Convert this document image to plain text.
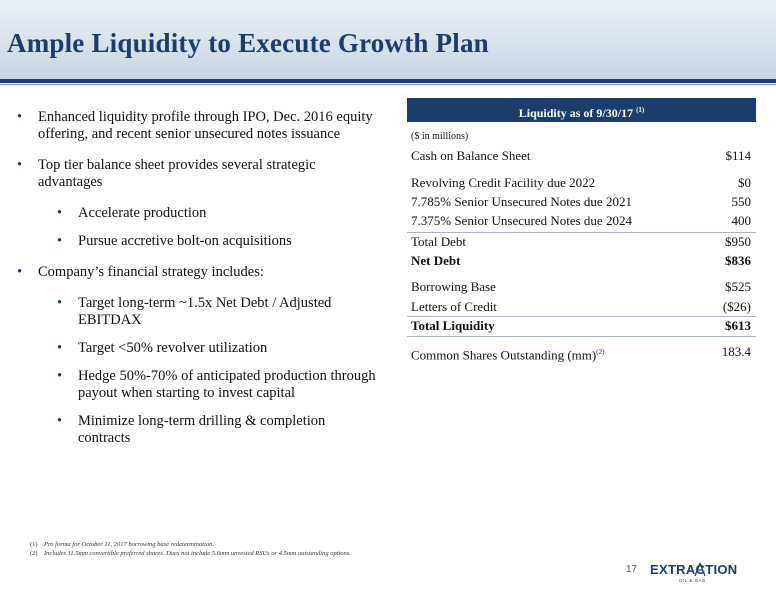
Ample Liquidity to Execute Growth Plan
• Enhanced liquidity profile through IPO, Dec. 2016 equity offering, and recent senior unsecured notes issuance
• Top tier balance sheet provides several strategic advantages
• Accelerate production
• Pursue accretive bolt-on acquisitions
• Company’s financial strategy includes:
• Target long-term ~1.5x Net Debt / Adjusted EBITDAX
• Target <50% revolver utilization
• Hedge 50%-70% of anticipated production through payout when starting to invest capital
• Minimize long-term drilling & completion contracts
Liquidity as of 9/30/17 $^{(1)}$
($ in millions)
Cash on Balance Sheet	$114
Revolving Credit Facility due 2022	$0
7.785% Senior Unsecured Notes due 2021	550
7.375% Senior Unsecured Notes due 2024	400
Total Debt	$950
Net Debt	$836
Borrowing Base	$525
Letters of Credit	($26)
Total Liquidity	$613
Common Shares Outstanding (mm)$^{(2)}$	183.4
(1) Pro forma for October 11, 2017 borrowing base redetermination.
(2) Includes 11.5mm convertible preferred shares. Does not include 5.6mm unvested RSUs or 4.5mm outstanding options.
17 EXTRACTION
OIL & GAS
